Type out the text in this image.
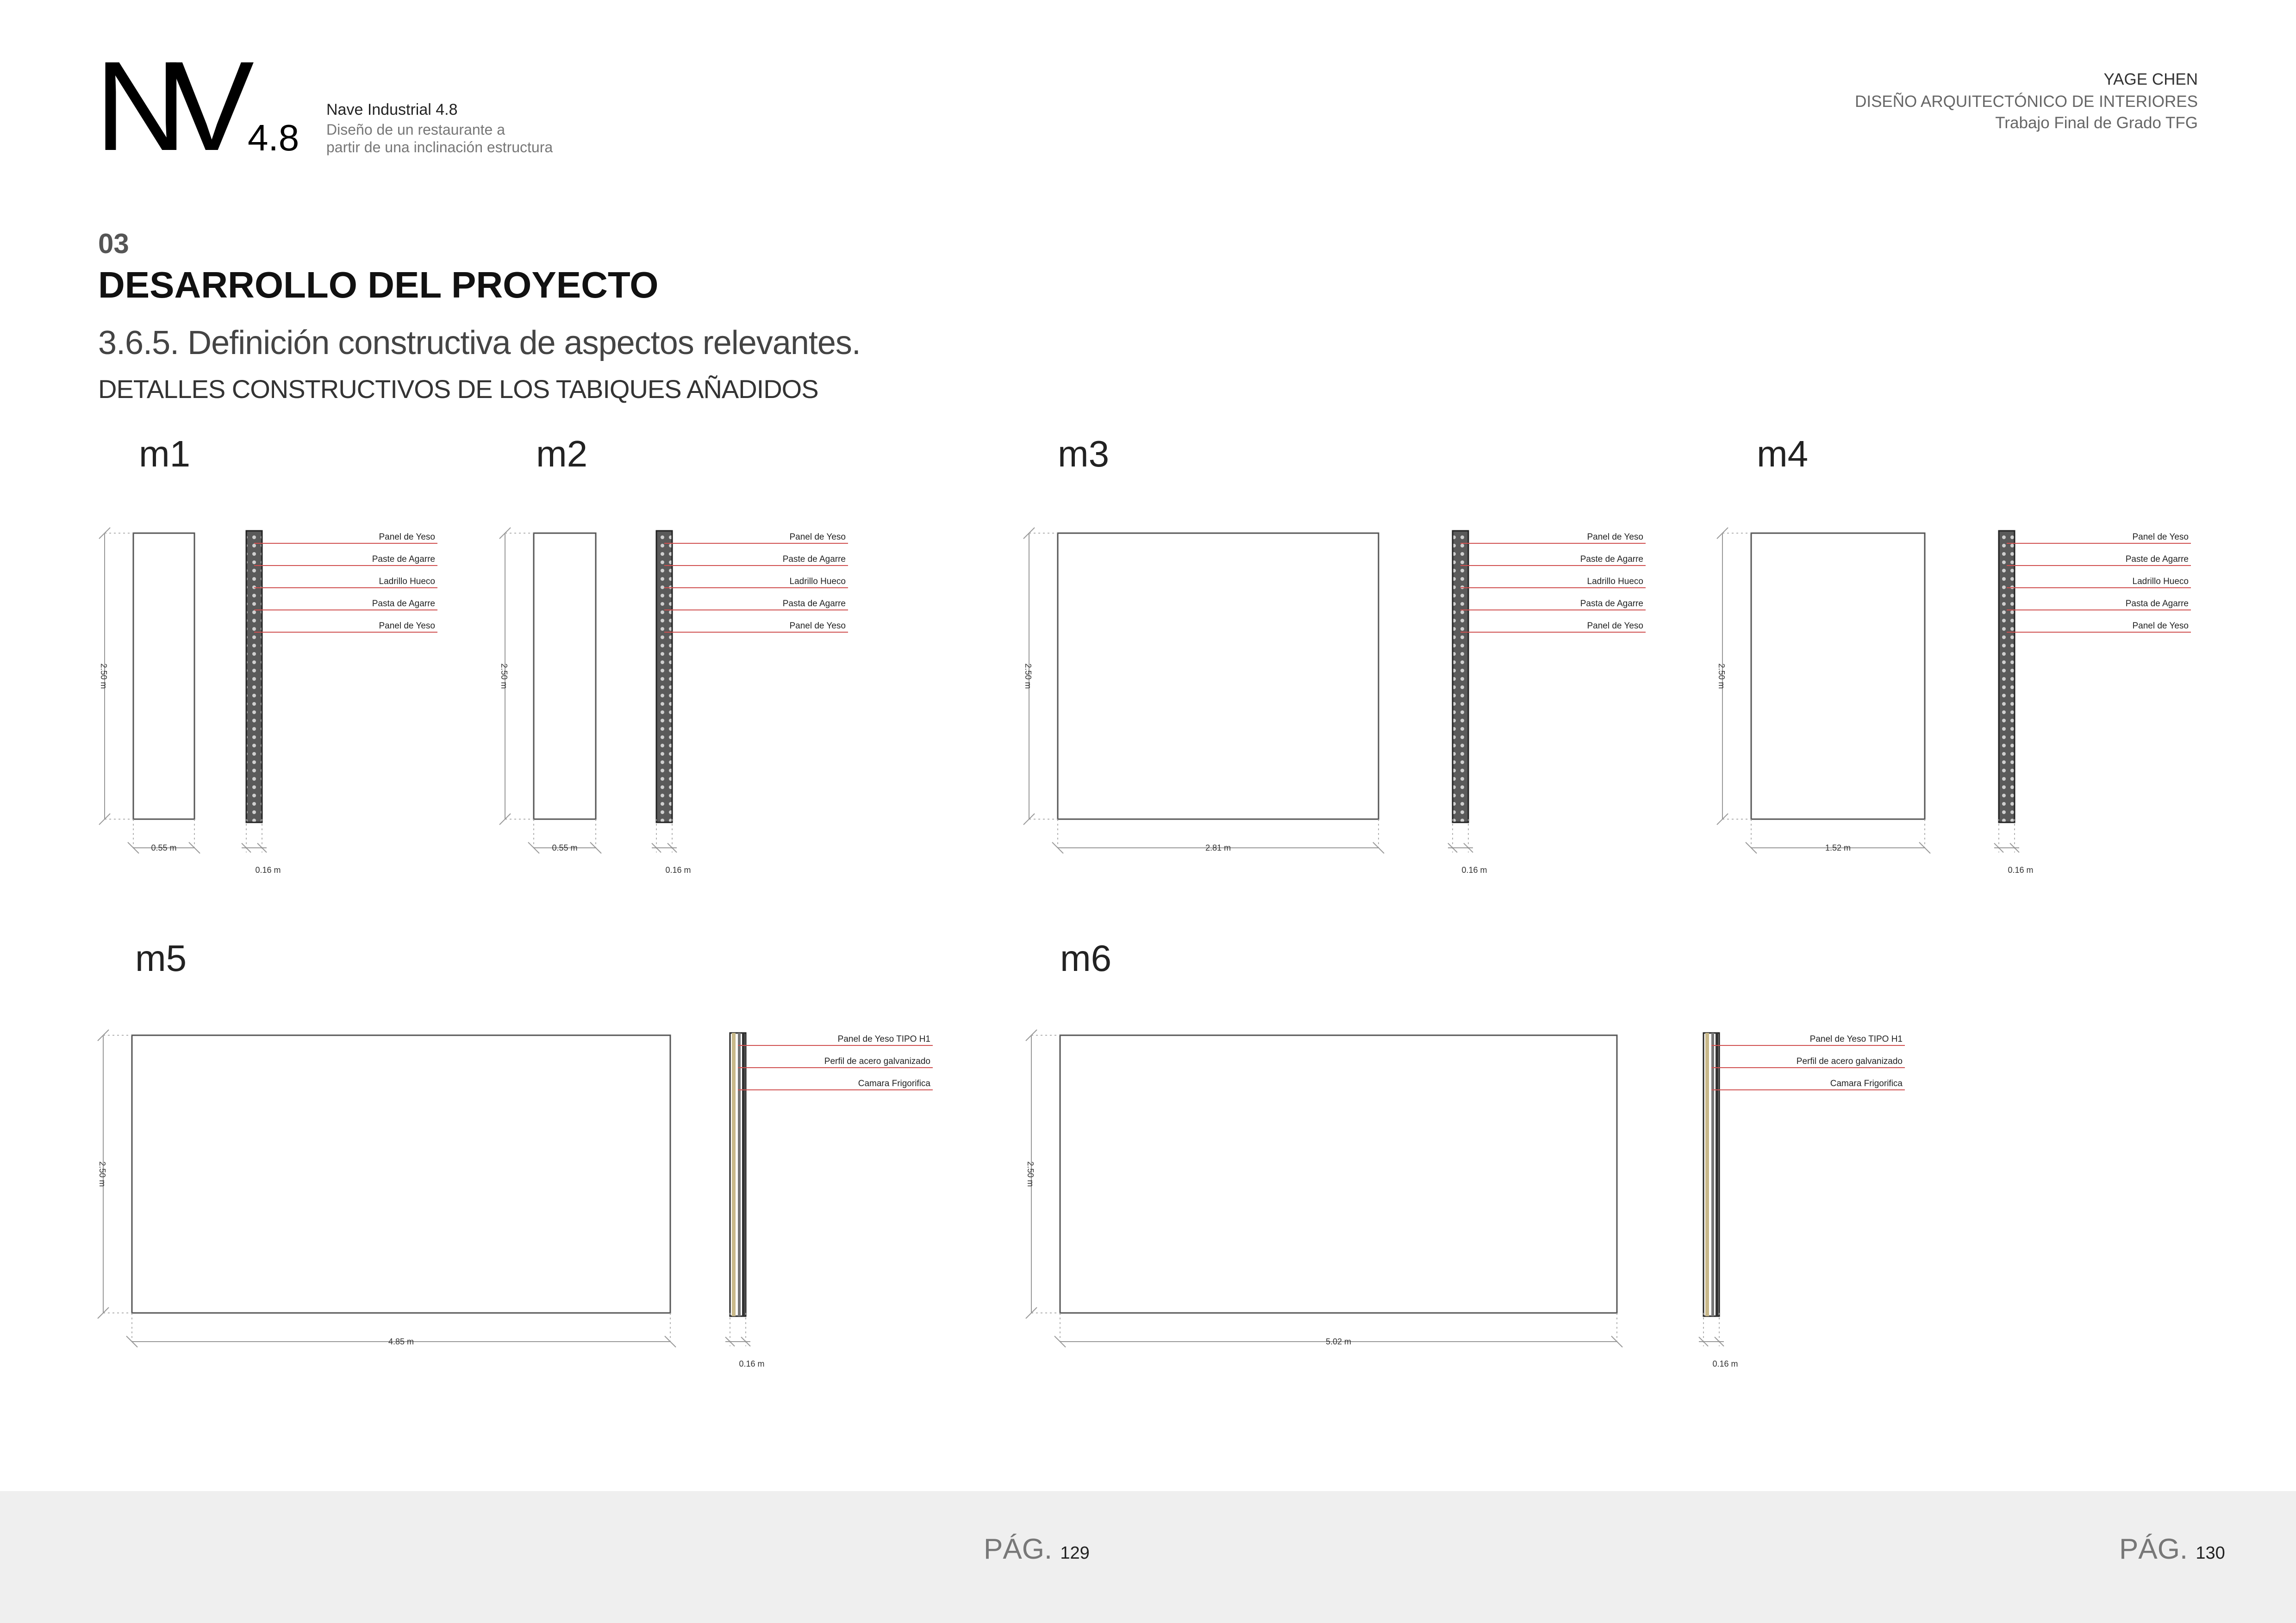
NV 4.8
Nave Industrial 4.8
Diseño de un restaurante a
partir de una inclinación estructura
YAGE CHEN
DISEÑO ARQUITECTÓNICO DE INTERIORES
Trabajo Final de Grado TFG
03
DESARROLLO DEL PROYECTO
3.6.5. Definición constructiva de aspectos relevantes.
DETALLES CONSTRUCTIVOS DE LOS TABIQUES AÑADIDOS
m1	m2	m3	m4
m5	m6
2.50 m
0.55 m
0.16 m
Panel de Yeso
Paste de Agarre
Ladrillo Hueco
Pasta de Agarre
Panel de Yeso
2.50 m
0.55 m
0.16 m
Panel de Yeso
Paste de Agarre
Ladrillo Hueco
Pasta de Agarre
Panel de Yeso
2.50 m
2.81 m
0.16 m
Panel de Yeso
Paste de Agarre
Ladrillo Hueco
Pasta de Agarre
Panel de Yeso
2.50 m
1.52 m
0.16 m
Panel de Yeso
Paste de Agarre
Ladrillo Hueco
Pasta de Agarre
Panel de Yeso
2.50 m
4.85 m
0.16 m
Panel de Yeso TIPO H1
Perfil de acero galvanizado
Camara Frigorifica
2.50 m
5.02 m
0.16 m
Panel de Yeso TIPO H1
Perfil de acero galvanizado
Camara Frigorifica
PÁG. 129	PÁG. 130
